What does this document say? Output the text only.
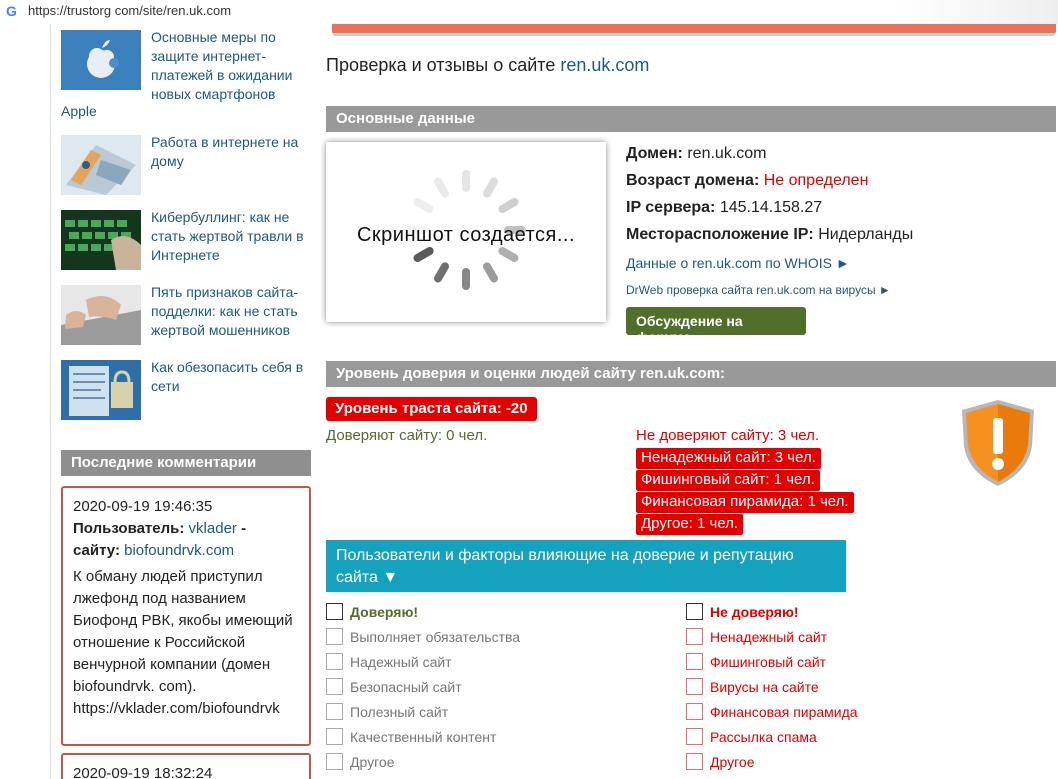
G https://trustorg com/site/ren.uk.com
Основные меры по защите интернет-платежей в ожидании новых смартфонов
Apple
Работа в интернете на дому
Кибербуллинг: как не стать жертвой травли в Интернете
Пять признаков сайта-подделки: как не стать жертвой мошенников
Как обезопасить себя в сети
Последние комментарии
2020-09-19 19:46:35
Пользователь: vklader -
сайту: biofoundrvk.com
К обману людей приступил лжефонд под названием Биофонд РВК, якобы имеющий отношение к Российской венчурной компании (домен biofoundrvk. com). https://vklader.com/biofoundrvk
2020-09-19 18:32:24
Проверка и отзывы о сайте ren.uk.com
Основные данные
Скриншот создается...
Домен: ren.uk.com
Возраст домена: Не определен
IP сервера: 145.14.158.27
Месторасположение IP: Нидерланды
Данные о ren.uk.com по WHOIS ►
DrWeb проверка сайта ren.uk.com на вирусы ►
Обсуждение на форуме
Уровень доверия и оценки людей сайту ren.uk.com:
Уровень траста сайта: -20
Доверяют сайту: 0 чел.	Не доверяют сайту: 3 чел.
Ненадежный сайт: 3 чел.
Фишинговый сайт: 1 чел.
Финансовая пирамида: 1 чел.
Другое: 1 чел.
Пользователи и факторы влияющие на доверие и репутацию сайта ▼
Доверяю!
Выполняет обязательства
Надежный сайт
Безопасный сайт
Полезный сайт
Качественный контент
Другое
Не доверяю!
Ненадежный сайт
Фишинговый сайт
Вирусы на сайте
Финансовая пирамида
Рассылка спама
Другое
